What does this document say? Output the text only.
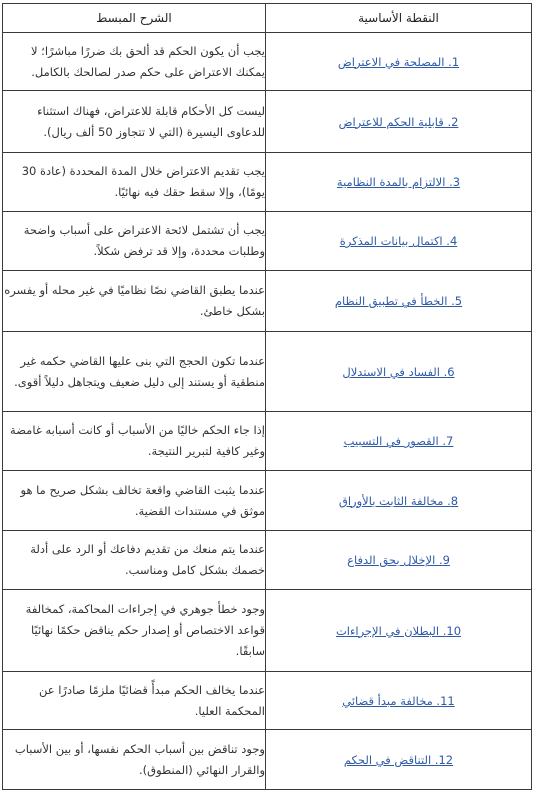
النقطة الأساسية	الشرح المبسط
1. المصلحة في الاعتراض	يجب أن يكون الحكم قد ألحق بك ضررًا مباشرًا؛ لا يمكنك الاعتراض على حكم صدر لصالحك بالكامل.
2. قابلية الحكم للاعتراض	ليست كل الأحكام قابلة للاعتراض، فهناك استثناء للدعاوى اليسيرة (التي لا تتجاوز 50 ألف ريال).
3. الالتزام بالمدة النظامية	يجب تقديم الاعتراض خلال المدة المحددة (عادة 30 يومًا)، وإلا سقط حقك فيه نهائيًا.
4. اكتمال بيانات المذكرة	يجب أن تشتمل لائحة الاعتراض على أسباب واضحة وطلبات محددة، وإلا قد ترفض شكلاً.
5. الخطأ في تطبيق النظام	عندما يطبق القاضي نصًا نظاميًا في غير محله أو يفسره بشكل خاطئ.
6. الفساد في الاستدلال	عندما تكون الحجج التي بنى عليها القاضي حكمه غير منطقية أو يستند إلى دليل ضعيف ويتجاهل دليلاً أقوى.
7. القصور في التسبيب	إذا جاء الحكم خاليًا من الأسباب أو كانت أسبابه غامضة وغير كافية لتبرير النتيجة.
8. مخالفة الثابت بالأوراق	عندما يثبت القاضي واقعة تخالف بشكل صريح ما هو موثق في مستندات القضية.
9. الإخلال بحق الدفاع	عندما يتم منعك من تقديم دفاعك أو الرد على أدلة خصمك بشكل كامل ومناسب.
10. البطلان في الإجراءات	وجود خطأ جوهري في إجراءات المحاكمة، كمخالفة قواعد الاختصاص أو إصدار حكم يناقض حكمًا نهائيًا سابقًا.
11. مخالفة مبدأ قضائي	عندما يخالف الحكم مبدأً قضائيًا ملزمًا صادرًا عن المحكمة العليا.
12. التناقض في الحكم	وجود تناقض بين أسباب الحكم نفسها، أو بين الأسباب والقرار النهائي (المنطوق).
